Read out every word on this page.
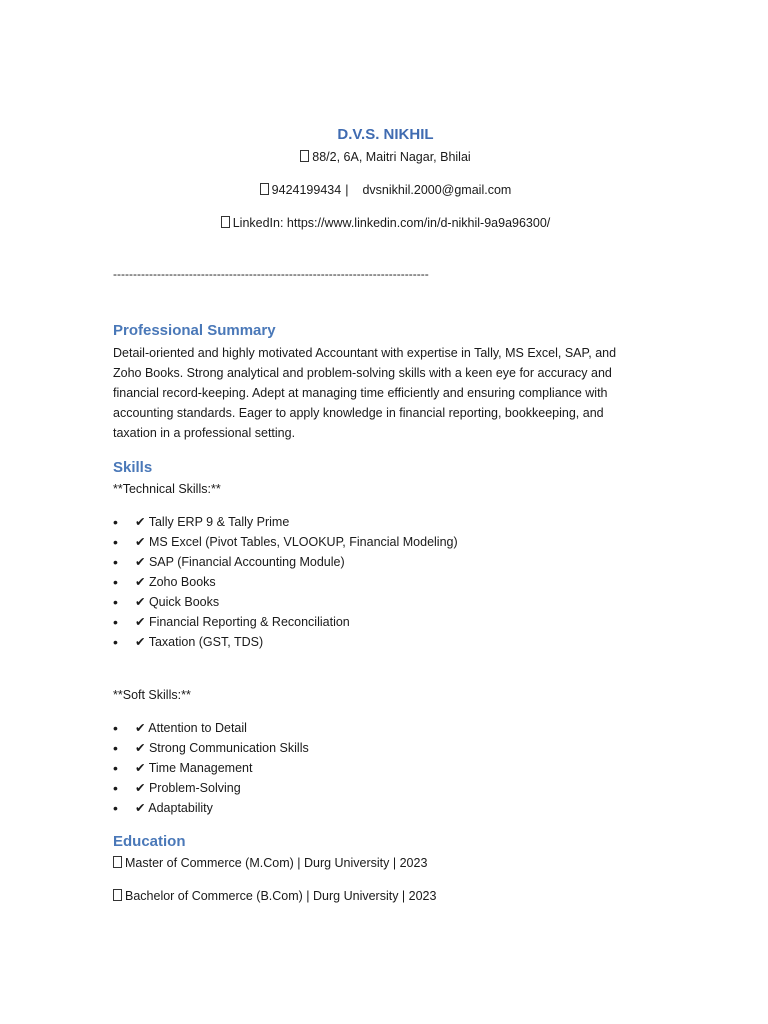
D.V.S. NIKHIL
88/2, 6A, Maitri Nagar, Bhilai
9424199434 | dvsnikhil.2000@gmail.com
LinkedIn: https://www.linkedin.com/in/d-nikhil-9a9a96300/
-------------------------------------------------------------------------------
Professional Summary
Detail-oriented and highly motivated Accountant with expertise in Tally, MS Excel, SAP, and
Zoho Books. Strong analytical and problem-solving skills with a keen eye for accuracy and
financial record-keeping. Adept at managing time efficiently and ensuring compliance with
accounting standards. Eager to apply knowledge in financial reporting, bookkeeping, and
taxation in a professional setting.
Skills
**Technical Skills:**
• ✔ Tally ERP 9 & Tally Prime
• ✔ MS Excel (Pivot Tables, VLOOKUP, Financial Modeling)
• ✔ SAP (Financial Accounting Module)
• ✔ Zoho Books
• ✔ Quick Books
• ✔ Financial Reporting & Reconciliation
• ✔ Taxation (GST, TDS)
**Soft Skills:**
• ✔ Attention to Detail
• ✔ Strong Communication Skills
• ✔ Time Management
• ✔ Problem-Solving
• ✔ Adaptability
Education
Master of Commerce (M.Com) | Durg University | 2023
Bachelor of Commerce (B.Com) | Durg University | 2023
